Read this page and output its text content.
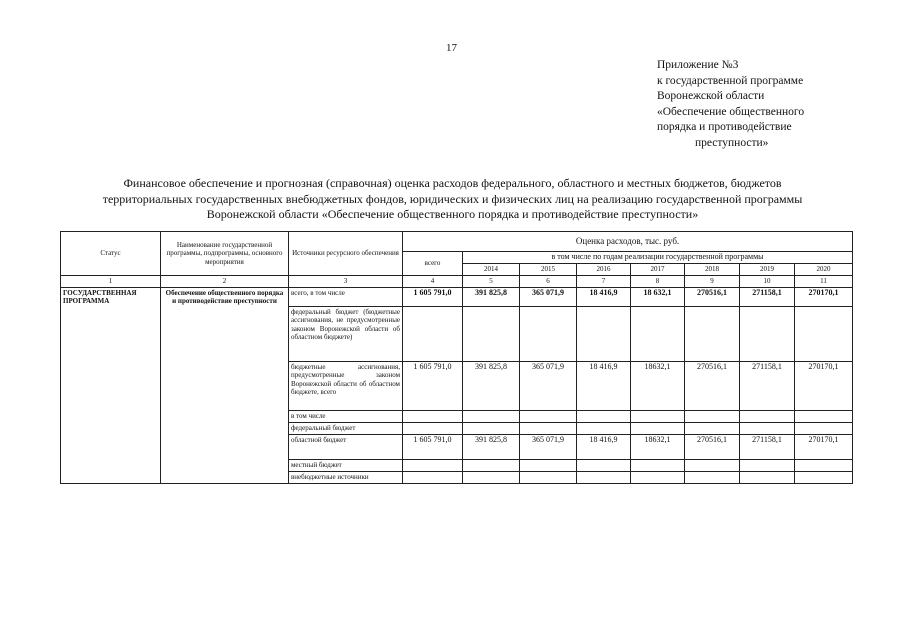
17
Приложение №3
к государственной программе
Воронежской области
«Обеспечение общественного
порядка и противодействие
преступности»
Финансовое обеспечение и прогнозная (справочная) оценка расходов федерального, областного и местных бюджетов, бюджетов
территориальных государственных внебюджетных фондов, юридических и физических лиц на реализацию государственной программы
Воронежской области «Обеспечение общественного порядка и противодействие преступности»
Статус	Наименование государственной программы, подпрограммы, основного мероприятия	Источники ресурсного обеспечения	Оценка расходов, тыс. руб.							
			всего	в том числе по годам реализации государственной программы						
				2014	2015	2016	2017	2018	2019	2020
1	2	3	4	5	6	7	8	9	10	11
ГОСУДАРСТВЕННАЯ ПРОГРАММА	Обеспечение общественного порядка и противодействие преступности	всего, в том числе	1 605 791,0	391 825,8	365 071,9	18 416,9	18 632,1	270516,1	271158,1	270170,1
		федеральный бюджет (бюджетные ассигнования, не предусмотренные законом Воронежской области об областном бюджете)								
		бюджетные ассигнования, предусмотренные законом Воронежской области об областном бюджете, всего	1 605 791,0	391 825,8	365 071,9	18 416,9	18632,1	270516,1	271158,1	270170,1
		в том числе								
		федеральный бюджет								
		областной бюджет	1 605 791,0	391 825,8	365 071,9	18 416,9	18632,1	270516,1	271158,1	270170,1
		местный бюджет								
		внебюджетные источники								
